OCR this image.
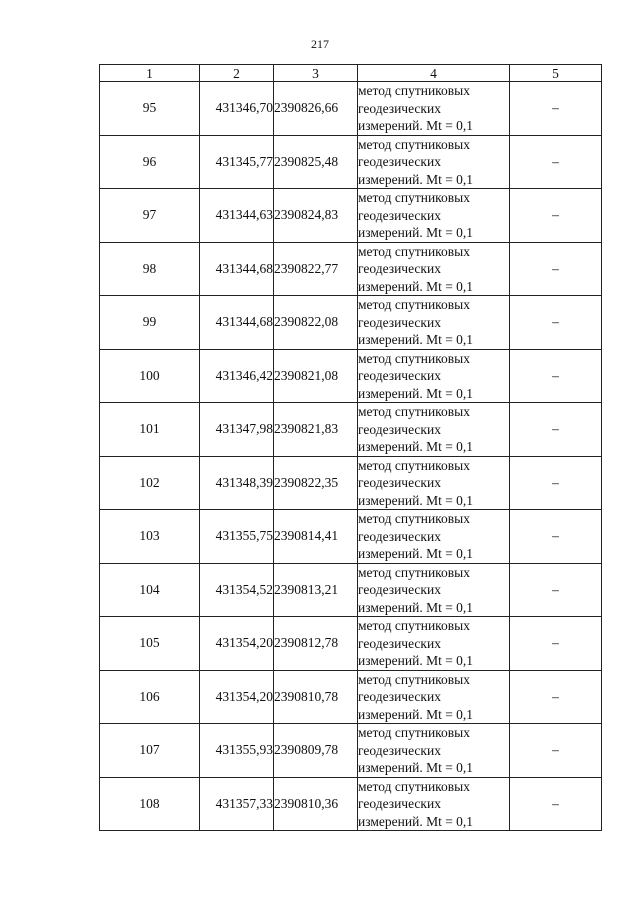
217
1	2	3	4	5
95	431346,70	2390826,66	метод спутниковых
геодезических
измерений. Mt = 0,1	–
96	431345,77	2390825,48	метод спутниковых
геодезических
измерений. Mt = 0,1	–
97	431344,63	2390824,83	метод спутниковых
геодезических
измерений. Mt = 0,1	–
98	431344,68	2390822,77	метод спутниковых
геодезических
измерений. Mt = 0,1	–
99	431344,68	2390822,08	метод спутниковых
геодезических
измерений. Mt = 0,1	–
100	431346,42	2390821,08	метод спутниковых
геодезических
измерений. Mt = 0,1	–
101	431347,98	2390821,83	метод спутниковых
геодезических
измерений. Mt = 0,1	–
102	431348,39	2390822,35	метод спутниковых
геодезических
измерений. Mt = 0,1	–
103	431355,75	2390814,41	метод спутниковых
геодезических
измерений. Mt = 0,1	–
104	431354,52	2390813,21	метод спутниковых
геодезических
измерений. Mt = 0,1	–
105	431354,20	2390812,78	метод спутниковых
геодезических
измерений. Mt = 0,1	–
106	431354,20	2390810,78	метод спутниковых
геодезических
измерений. Mt = 0,1	–
107	431355,93	2390809,78	метод спутниковых
геодезических
измерений. Mt = 0,1	–
108	431357,33	2390810,36	метод спутниковых
геодезических
измерений. Mt = 0,1	–
